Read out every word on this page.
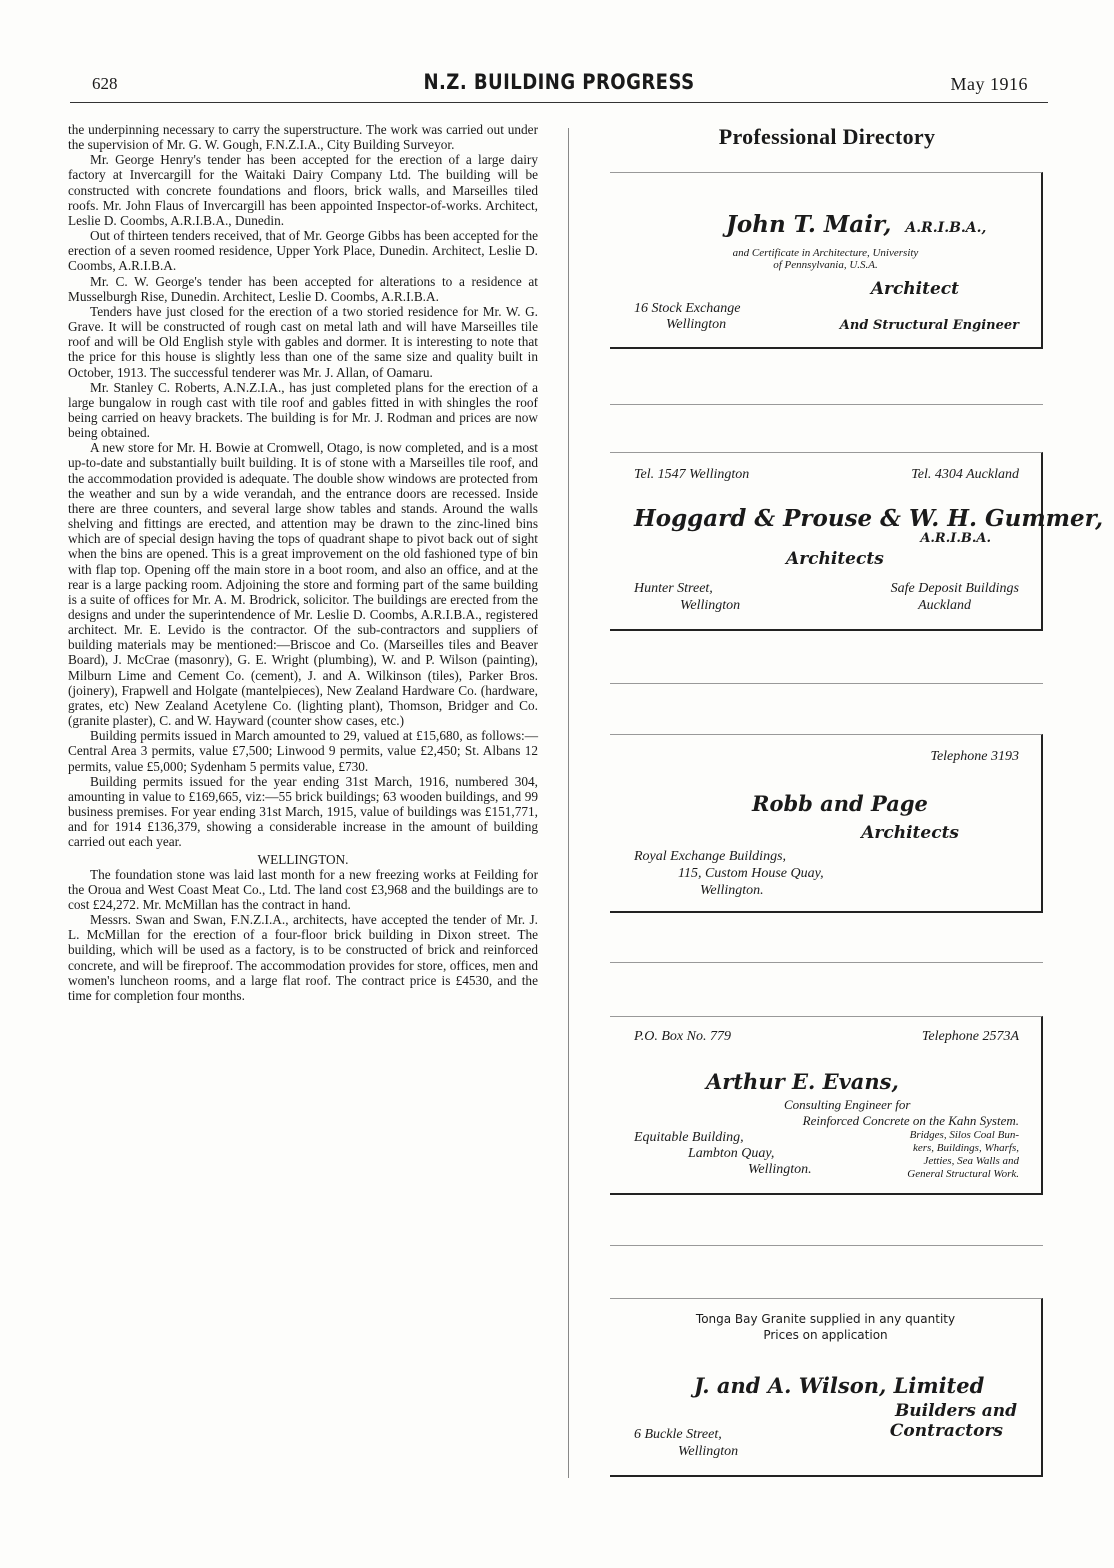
628	N.Z. BUILDING PROGRESS	May 1916

the underpinning necessary to carry the superstructure. The work was carried out under the supervision of Mr. G. W. Gough, F.N.Z.I.A., City Building Surveyor.

Mr. George Henry's tender has been accepted for the erection of a large dairy factory at Invercargill for the Waitaki Dairy Company Ltd. The building will be constructed with concrete foundations and floors, brick walls, and Marseilles tiled roofs. Mr. John Flaus of Invercargill has been appointed Inspector-of-works. Architect, Leslie D. Coombs, A.R.I.B.A., Dunedin.

Out of thirteen tenders received, that of Mr. George Gibbs has been accepted for the erection of a seven roomed residence, Upper York Place, Dunedin. Architect, Leslie D. Coombs, A.R.I.B.A.

Mr. C. W. George's tender has been accepted for alterations to a residence at Musselburgh Rise, Dunedin. Architect, Leslie D. Coombs, A.R.I.B.A.

Tenders have just closed for the erection of a two storied residence for Mr. W. G. Grave. It will be constructed of rough cast on metal lath and will have Marseilles tile roof and will be Old English style with gables and dormer. It is interesting to note that the price for this house is slightly less than one of the same size and quality built in October, 1913. The successful tenderer was Mr. J. Allan, of Oamaru.

Mr. Stanley C. Roberts, A.N.Z.I.A., has just completed plans for the erection of a large bungalow in rough cast with tile roof and gables fitted in with shingles the roof being carried on heavy brackets. The building is for Mr. J. Rodman and prices are now being obtained.

A new store for Mr. H. Bowie at Cromwell, Otago, is now completed, and is a most up-to-date and substantially built building. It is of stone with a Marseilles tile roof, and the accommodation provided is adequate. The double show windows are protected from the weather and sun by a wide verandah, and the entrance doors are recessed. Inside there are three counters, and several large show tables and stands. Around the walls shelving and fittings are erected, and attention may be drawn to the zinc-lined bins which are of special design having the tops of quadrant shape to pivot back out of sight when the bins are opened. This is a great improvement on the old fashioned type of bin with flap top. Opening off the main store in a boot room, and also an office, and at the rear is a large packing room. Adjoining the store and forming part of the same building is a suite of offices for Mr. A. M. Brodrick, solicitor. The buildings are erected from the designs and under the superintendence of Mr. Leslie D. Coombs, A.R.I.B.A., registered architect. Mr. E. Levido is the contractor. Of the sub-contractors and suppliers of building materials may be mentioned:—Briscoe and Co. (Marseilles tiles and Beaver Board), J. McCrae (masonry), G. E. Wright (plumbing), W. and P. Wilson (painting), Milburn Lime and Cement Co. (cement), J. and A. Wilkinson (tiles), Parker Bros. (joinery), Frapwell and Holgate (mantelpieces), New Zealand Hardware Co. (hardware, grates, etc) New Zealand Acetylene Co. (lighting plant), Thomson, Bridger and Co. (granite plaster), C. and W. Hayward (counter show cases, etc.)

Building permits issued in March amounted to 29, valued at £15,680, as follows:—Central Area 3 permits, value £7,500; Linwood 9 permits, value £2,450; St. Albans 12 permits, value £5,000; Sydenham 5 permits value, £730.

Building permits issued for the year ending 31st March, 1916, numbered 304, amounting in value to £169,665, viz:—55 brick buildings; 63 wooden buildings, and 99 business premises. For year ending 31st March, 1915, value of buildings was £151,771, and for 1914 £136,379, showing a considerable increase in the amount of building carried out each year.

WELLINGTON.

The foundation stone was laid last month for a new freezing works at Feilding for the Oroua and West Coast Meat Co., Ltd. The land cost £3,968 and the buildings are to cost £24,272. Mr. McMillan has the contract in hand.

Messrs. Swan and Swan, F.N.Z.I.A., architects, have accepted the tender of Mr. J. L. McMillan for the erection of a four-floor brick building in Dixon street. The building, which will be used as a factory, is to be constructed of brick and reinforced concrete, and will be fireproof. The accommodation provides for store, offices, men and women's luncheon rooms, and a large flat roof. The contract price is £4530, and the time for completion four months.

Professional Directory
John T. Mair, A.R.I.B.A.,
and Certificate in Architecture, University
of Pennsylvania, U.S.A.
Architect
16 Stock Exchange
Wellington	And Structural Engineer
Tel. 1547 Wellington	Tel. 4304 Auckland
Hoggard & Prouse & W. H. Gummer,
A.R.I.B.A.
Architects
Hunter Street,
Wellington
Safe Deposit Buildings
Auckland
Telephone 3193
Robb and Page
Architects
Royal Exchange Buildings,
115, Custom House Quay,
Wellington.
P.O. Box No. 779	Telephone 2573A
Arthur E. Evans,
Consulting Engineer for
Reinforced Concrete on the Kahn System.
Equitable Building,
Lambton Quay,
Wellington.
Bridges, Silos Coal Bun-
kers, Buildings, Wharfs,
Jetties, Sea Walls and
General Structural Work.
Tonga Bay Granite supplied in any quantity
Prices on application
J. and A. Wilson, Limited
Builders and
Contractors
6 Buckle Street,
Wellington
